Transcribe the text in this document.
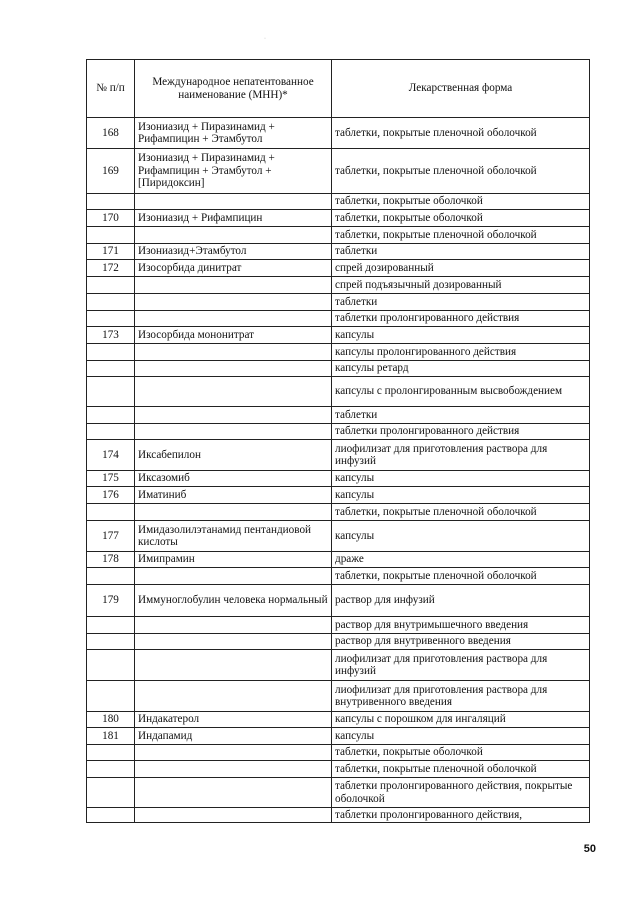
·
№ п/п	Международное непатентованное наименование (МНН)*	Лекарственная форма
168	Изониазид + Пиразинамид + Рифампицин + Этамбутол	таблетки, покрытые пленочной оболочкой
169	Изониазид + Пиразинамид + Рифампицин + Этамбутол + [Пиридоксин]	таблетки, покрытые пленочной оболочкой
		таблетки, покрытые оболочкой
170	Изониазид + Рифампицин	таблетки, покрытые оболочкой
		таблетки, покрытые пленочной оболочкой
171	Изониазид+Этамбутол	таблетки
172	Изосорбида динитрат	спрей дозированный
		спрей подъязычный дозированный
		таблетки
		таблетки пролонгированного действия
173	Изосорбида мононитрат	капсулы
		капсулы пролонгированного действия
		капсулы ретард
		капсулы с пролонгированным высвобождением
		таблетки
		таблетки пролонгированного действия
174	Иксабепилон	лиофилизат для приготовления раствора для инфузий
175	Иксазомиб	капсулы
176	Иматиниб	капсулы
		таблетки, покрытые пленочной оболочкой
177	Имидазолилэтанамид пентандиовой кислоты	капсулы
178	Имипрамин	драже
		таблетки, покрытые пленочной оболочкой
179	Иммуноглобулин человека нормальный	раствор для инфузий
		раствор для внутримышечного введения
		раствор для внутривенного введения
		лиофилизат для приготовления раствора для инфузий
		лиофилизат для приготовления раствора для внутривенного введения
180	Индакатерол	капсулы с порошком для ингаляций
181	Индапамид	капсулы
		таблетки, покрытые оболочкой
		таблетки, покрытые пленочной оболочкой
		таблетки пролонгированного действия, покрытые оболочкой
		таблетки пролонгированного действия,
50
